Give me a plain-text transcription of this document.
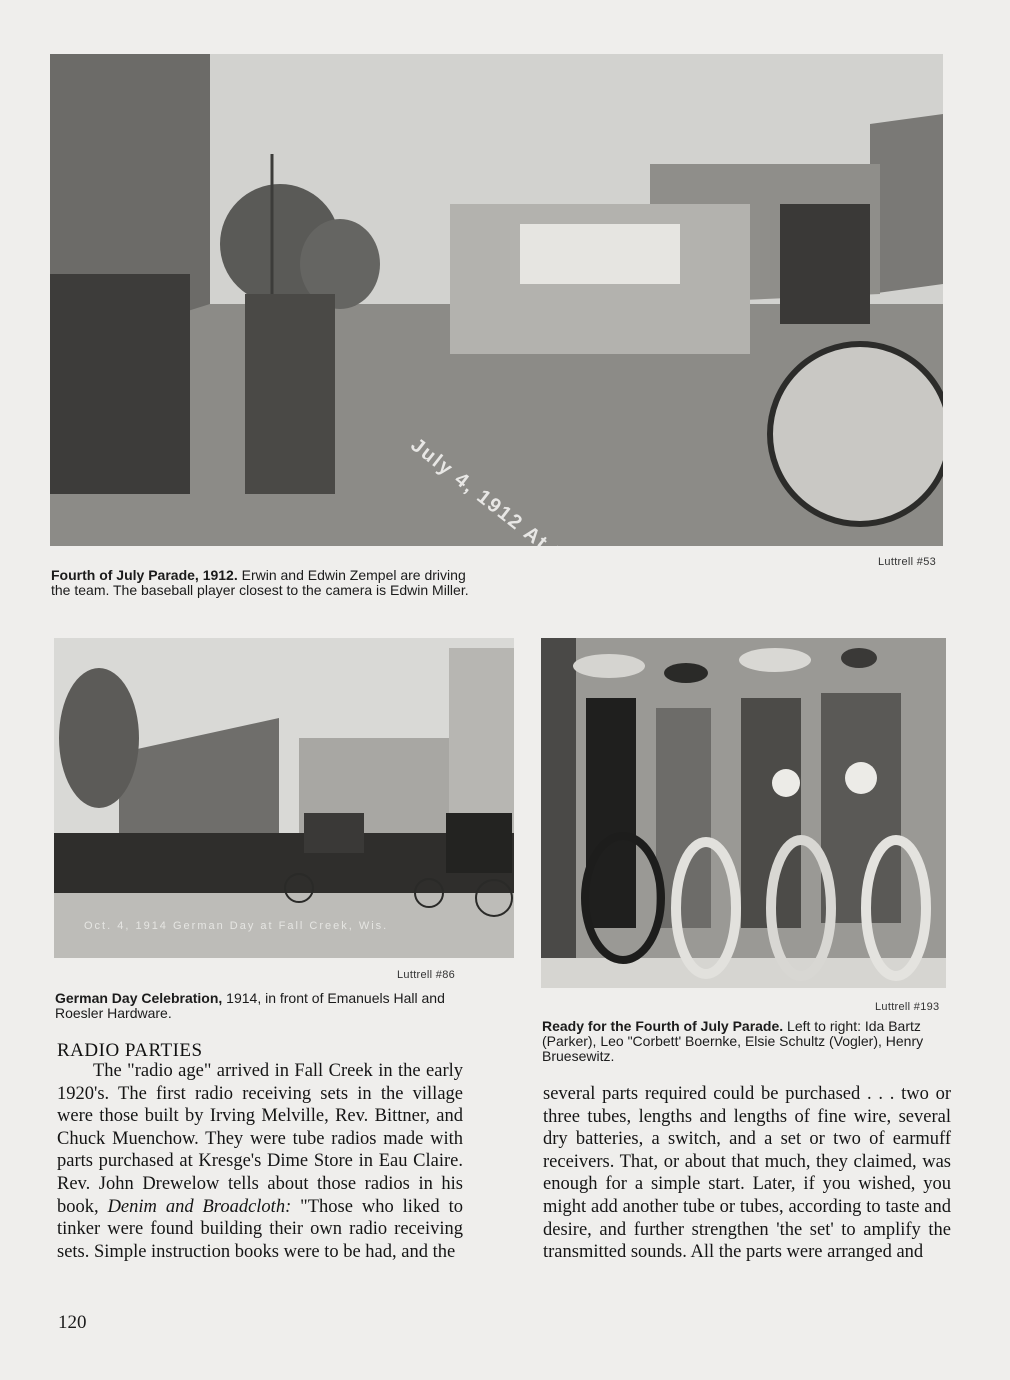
Luttrell #53
Fourth of July Parade, 1912. Erwin and Edwin Zempel are driving the team. The baseball player closest to the camera is Edwin Miller.
Oct. 4, 1914 German Day at Fall Creek, Wis.
Luttrell #86
German Day Celebration, 1914, in front of Emanuels Hall and Roesler Hardware.	Luttrell #193
Ready for the Fourth of July Parade. Left to right: Ida Bartz (Parker), Leo "Corbett' Boernke, Elsie Schultz (Vogler), Henry Bruesewitz.
RADIO PARTIES

The "radio age" arrived in Fall Creek in the early 1920's. The first radio receiving sets in the village were those built by Irving Melville, Rev. Bittner, and Chuck Muenchow. They were tube radios made with parts purchased at Kresge's Dime Store in Eau Claire. Rev. John Drewelow tells about those radios in his book, Denim and Broadcloth: "Those who liked to tinker were found building their own radio receiving sets. Simple instruction books were to be had, and the

several parts required could be purchased . . . two or three tubes, lengths and lengths of fine wire, several dry batteries, a switch, and a set or two of earmuff receivers. That, or about that much, they claimed, was enough for a simple start. Later, if you wished, you might add another tube or tubes, according to taste and desire, and further strengthen 'the set' to amplify the transmitted sounds. All the parts were arranged and

120
